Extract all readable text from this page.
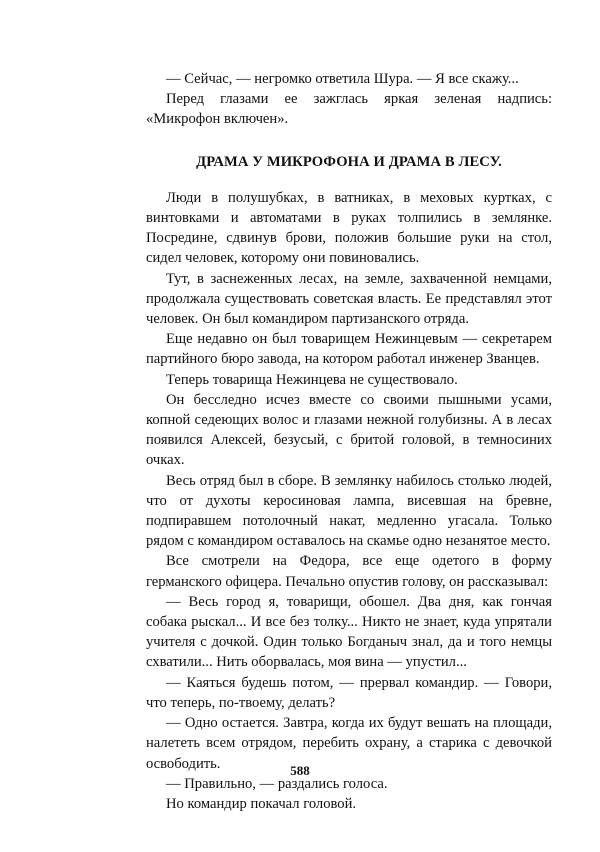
— Сейчас, — негромко ответила Шура. — Я все скажу...

Перед глазами ее зажглась яркая зеленая надпись: «Микрофон включен».

ДРАМА У МИКРОФОНА И ДРАМА В ЛЕСУ.

Люди в полушубках, в ватниках, в меховых куртках, с винтовками и автоматами в руках толпились в землянке. Посредине, сдвинув брови, положив большие руки на стол, сидел человек, которому они повиновались.

Тут, в заснеженных лесах, на земле, захваченной немцами, продолжала существовать советская власть. Ее представлял этот человек. Он был командиром партизанского отряда.

Еще недавно он был товарищем Нежинцевым — секретарем партийного бюро завода, на котором работал инженер Званцев.

Теперь товарища Нежинцева не существовало.

Он бесследно исчез вместе со своими пышными усами, копной седеющих волос и глазами нежной голубизны. А в лесах появился Алексей, безусый, с бритой головой, в темносиних очках.

Весь отряд был в сборе. В землянку набилось столько людей, что от духоты керосиновая лампа, висевшая на бревне, подпиравшем потолочный накат, медленно угасала. Только рядом с командиром оставалось на скамье одно незанятое место.

Все смотрели на Федора, все еще одетого в форму германского офицера. Печально опустив голову, он рассказывал:

— Весь город я, товарищи, обошел. Два дня, как гончая собака рыскал... И все без толку... Никто не знает, куда упрятали учителя с дочкой. Один только Богданыч знал, да и того немцы схватили... Нить оборвалась, моя вина — упустил...

— Каяться будешь потом, — прервал командир. — Говори, что теперь, по-твоему, делать?

— Одно остается. Завтра, когда их будут вешать на площади, налететь всем отрядом, перебить охрану, а старика с девочкой освободить.

— Правильно, — раздались голоса.

Но командир покачал головой.

588
